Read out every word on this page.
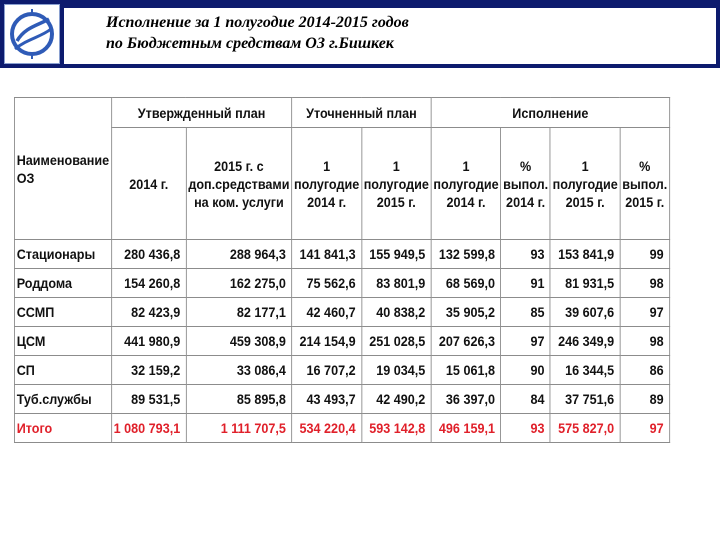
Исполнение за 1 полугодие 2014-2015 годов
по Бюджетным средствам ОЗ г.Бишкек
Наименование ОЗ	Утвержденный план		Уточненный план		Исполнение			
	2014 г.	2015 г. с доп.средствами на ком. услуги	1 полугодие 2014 г.	1 полугодие 2015 г.	1 полугодие 2014 г.	% выпол. 2014 г.	1 полугодие 2015 г.	% выпол. 2015 г.
Стационары	280 436,8	288 964,3	141 841,3	155 949,5	132 599,8	93	153 841,9	99
Роддома	154 260,8	162 275,0	75 562,6	83 801,9	68 569,0	91	81 931,5	98
ССМП	82 423,9	82 177,1	42 460,7	40 838,2	35 905,2	85	39 607,6	97
ЦСМ	441 980,9	459 308,9	214 154,9	251 028,5	207 626,3	97	246 349,9	98
СП	32 159,2	33 086,4	16 707,2	19 034,5	15 061,8	90	16 344,5	86
Туб.службы	89 531,5	85 895,8	43 493,7	42 490,2	36 397,0	84	37 751,6	89
Итого	1 080 793,1	1 111 707,5	534 220,4	593 142,8	496 159,1	93	575 827,0	97
